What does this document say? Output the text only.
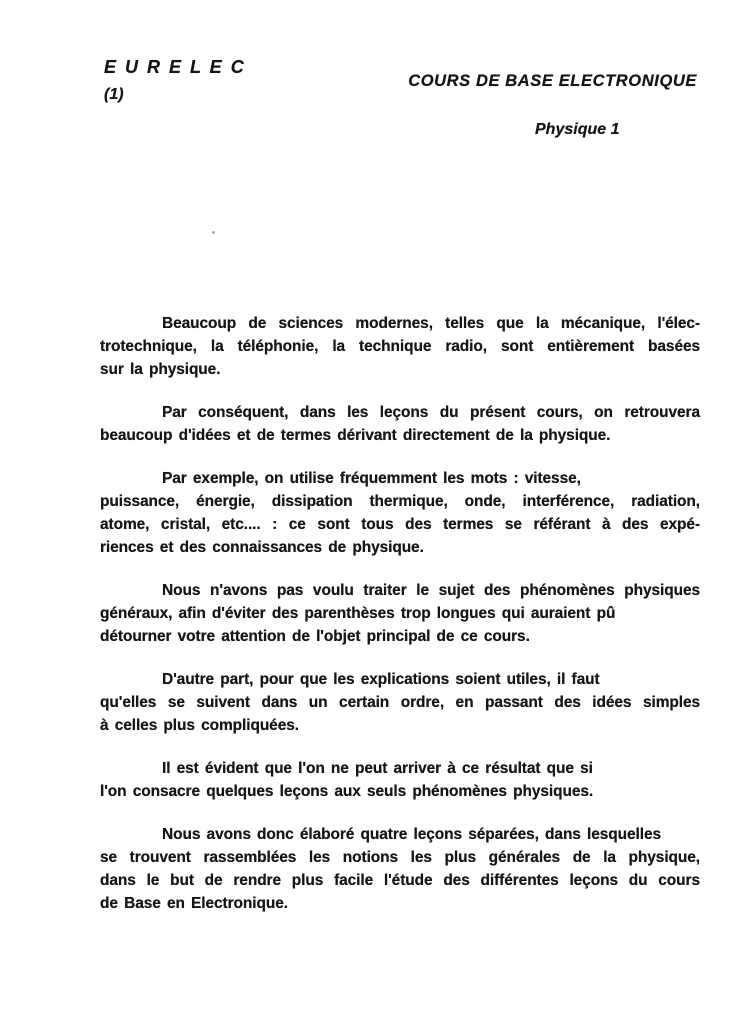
E U R E L E C
(1)
COURS DE BASE ELECTRONIQUE
Physique 1
Beaucoup de sciences modernes, telles que la mécanique, l'élec-
trotechnique, la téléphonie, la technique radio, sont entièrement basées
sur la physique.
Par conséquent, dans les leçons du présent cours, on retrouvera
beaucoup d'idées et de termes dérivant directement de la physique.
Par exemple, on utilise fréquemment les mots : vitesse,
puissance, énergie, dissipation thermique, onde, interférence, radiation,
atome, cristal, etc.... : ce sont tous des termes se référant à des expé-
riences et des connaissances de physique.
Nous n'avons pas voulu traiter le sujet des phénomènes physiques
généraux, afin d'éviter des parenthèses trop longues qui auraient pû
détourner votre attention de l'objet principal de ce cours.
D'autre part, pour que les explications soient utiles, il faut
qu'elles se suivent dans un certain ordre, en passant des idées simples
à celles plus compliquées.
Il est évident que l'on ne peut arriver à ce résultat que si
l'on consacre quelques leçons aux seuls phénomènes physiques.
Nous avons donc élaboré quatre leçons séparées, dans lesquelles
se trouvent rassemblées les notions les plus générales de la physique,
dans le but de rendre plus facile l'étude des différentes leçons du cours
de Base en Electronique.
